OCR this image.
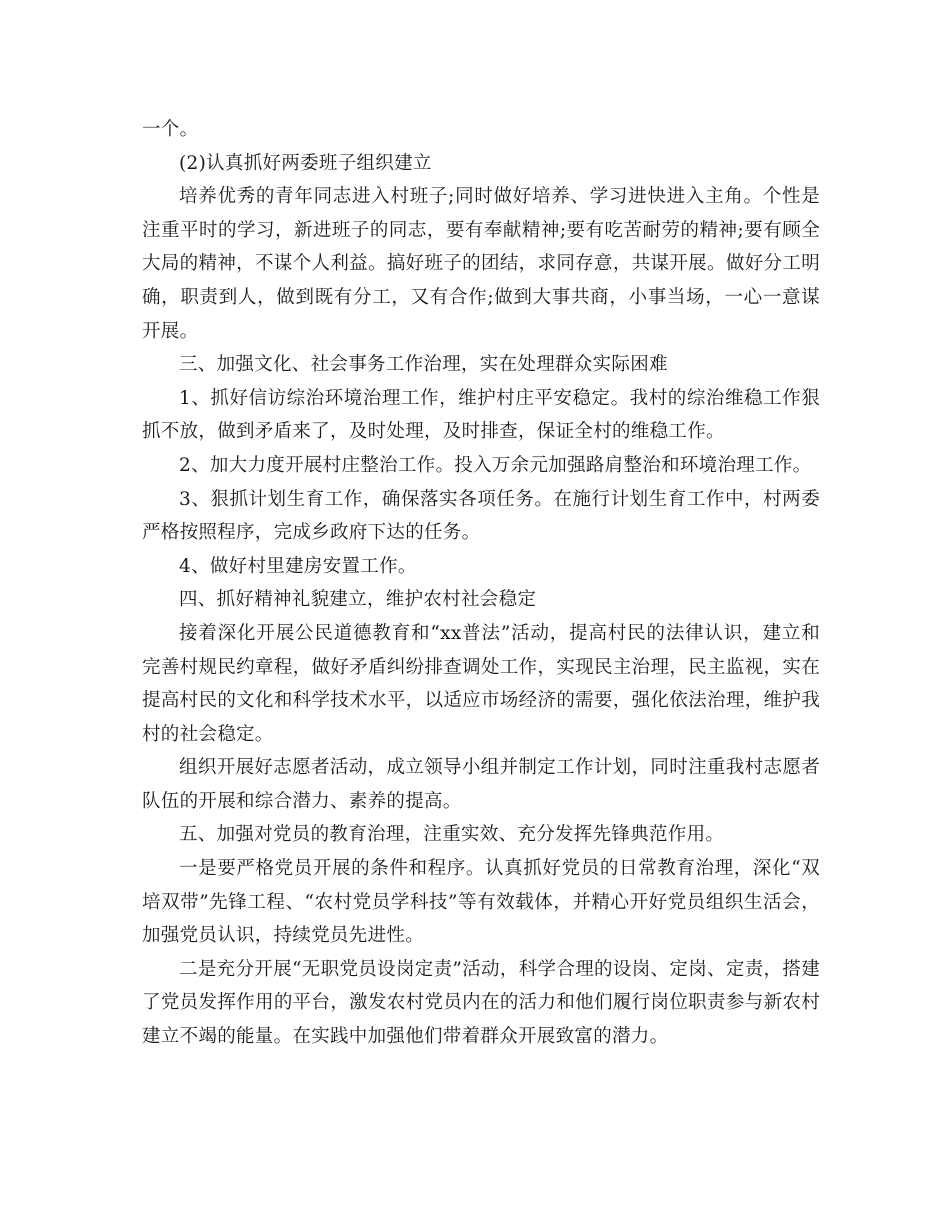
一个。

(2)认真抓好两委班子组织建立

培养优秀的青年同志进入村班子;同时做好培养、学习进快进入主角。个性是注重平时的学习，新进班子的同志，要有奉献精神;要有吃苦耐劳的精神;要有顾全大局的精神，不谋个人利益。搞好班子的团结，求同存意，共谋开展。做好分工明确，职责到人，做到既有分工，又有合作;做到大事共商，小事当场，一心一意谋开展。

三、加强文化、社会事务工作治理，实在处理群众实际困难

1、抓好信访综治环境治理工作，维护村庄平安稳定。我村的综治维稳工作狠抓不放，做到矛盾来了，及时处理，及时排查，保证全村的维稳工作。

2、加大力度开展村庄整治工作。投入万余元加强路肩整治和环境治理工作。

3、狠抓计划生育工作，确保落实各项任务。在施行计划生育工作中，村两委严格按照程序，完成乡政府下达的任务。

4、做好村里建房安置工作。

四、抓好精神礼貌建立，维护农村社会稳定

接着深化开展公民道德教育和“xx普法”活动，提高村民的法律认识，建立和完善村规民约章程，做好矛盾纠纷排查调处工作，实现民主治理，民主监视，实在提高村民的文化和科学技术水平，以适应市场经济的需要，强化依法治理，维护我村的社会稳定。

组织开展好志愿者活动，成立领导小组并制定工作计划，同时注重我村志愿者队伍的开展和综合潜力、素养的提高。

五、加强对党员的教育治理，注重实效、充分发挥先锋典范作用。

一是要严格党员开展的条件和程序。认真抓好党员的日常教育治理，深化“双培双带”先锋工程、“农村党员学科技”等有效载体，并精心开好党员组织生活会，加强党员认识，持续党员先进性。

二是充分开展“无职党员设岗定责”活动，科学合理的设岗、定岗、定责，搭建了党员发挥作用的平台，激发农村党员内在的活力和他们履行岗位职责参与新农村建立不竭的能量。在实践中加强他们带着群众开展致富的潜力。
